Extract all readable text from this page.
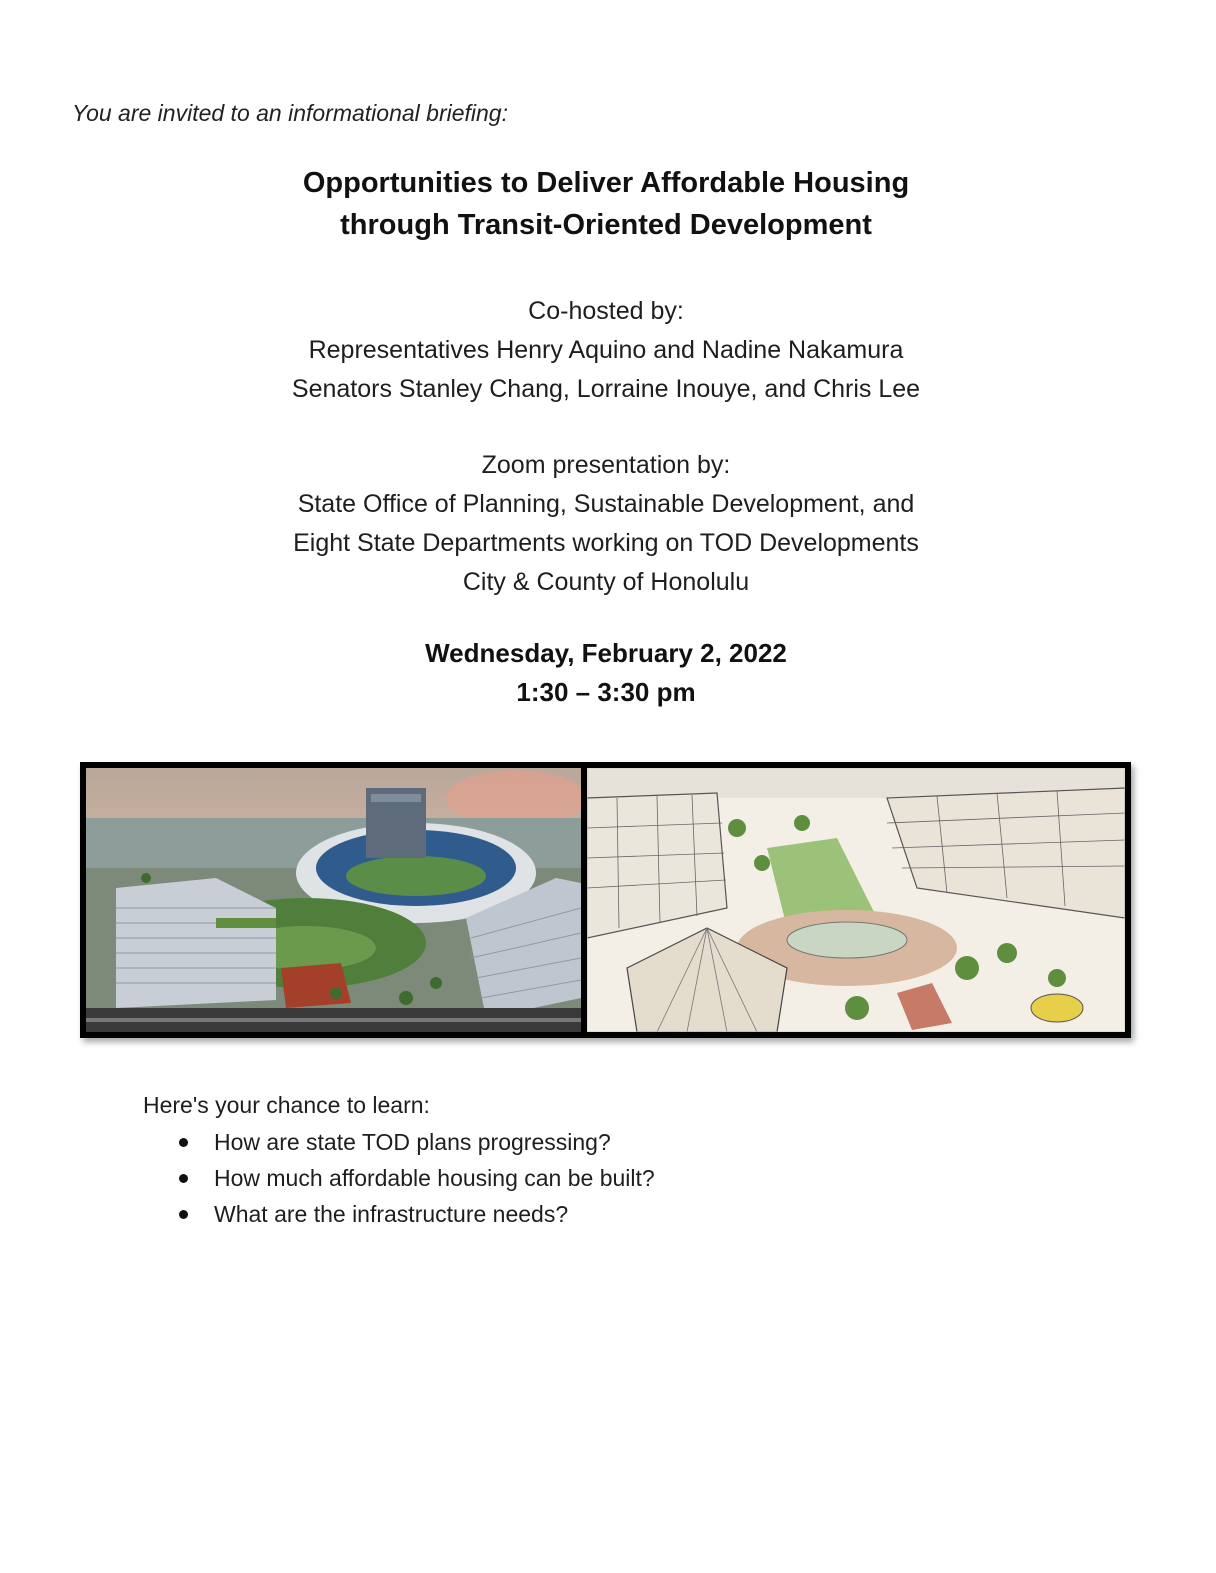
You are invited to an informational briefing:
Opportunities to Deliver Affordable Housing
through Transit-Oriented Development
Co-hosted by:
Representatives Henry Aquino and Nadine Nakamura
Senators Stanley Chang, Lorraine Inouye, and Chris Lee
Zoom presentation by:
State Office of Planning, Sustainable Development, and
Eight State Departments working on TOD Developments
City & County of Honolulu
Wednesday, February 2, 2022
1:30 – 3:30 pm
Here's your chance to learn:
How are state TOD plans progressing?
How much affordable housing can be built?
What are the infrastructure needs?
